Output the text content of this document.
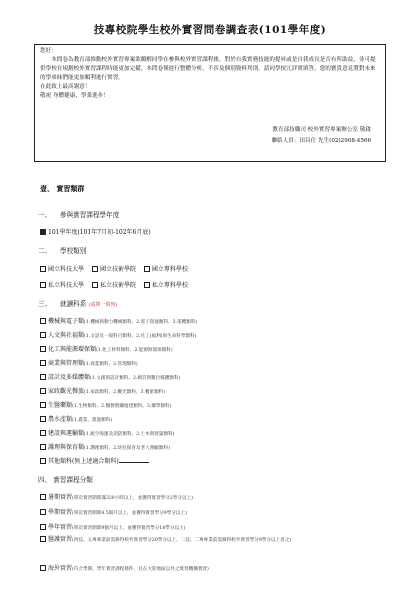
技專校院學生校外實習問卷調查表(101學年度)

您好：

本問卷為教育部推動校外實習專案欲瞭解同學在參與校外實習課程後，對於自我實務技能的提昇或是自我成長是否有所助益，並可提供學校在規劃校外實習課程時能更加完備，本問卷僅進行整體分析，不涉及個別資料判別，請同學按冗詳實填答，您的寶貴意見將對未來的學弟妹們能更加順利進行實習。

在此致上最高謝意！

敬祝 身體健康，學業進步！

教育部技職司 校外實習專案辦公室 敬啟

聯絡人員：田昌仕 先生(02)2908-4566

壹、 實習類群
一、 參與實習課程學年度
101學年度(101年7月初-102年6月底)
二、 學校類別
國立科技大學	國立技術學院	國立專科學校
私立科技大學	私立技術學院	私立專科學校
三、 就讀科系 (請擇一填列)
機械與電子類(1.機械與動力機械類科、2.電子資通類科、3.電機類科)
人文與社福類(1.文語及一般科目類科、2.社工(福利)與生命科學類科)
化工與能源環保類(1.化工材料類科、2.能源與環保類科)
商業與管理類(1.商業類科、2.管理類科)
設計及多媒體類(1.文創與設計類科、2.網頁與數位媒體類科)
家政觀光餐旅(1.家政類科、2.觀光類科、3.餐旅類科)
生醫藥類(1.生物類科、2.醫務暨藥復建類科、3.藥學類科)
農水產類(1.農業、農漁類科)
建設與運輸類(1.航空海運及消防類科、2.土木與建築類科)
護理與保育類(1.護理類科、2.幼兒保育及老人照顧類科)
其他類科(無上述適合類科)
四、 實習課程分類
暑期實習(單次實習期間滿320小時以上，並獲得實習學分2學分以上)
學期實習(單次實習期間4.5個月以上，並獲得實習學分9學分以上)
學年實習(單次實習期間9個月以上，並獲得實習學分18學分以上)
醫護實習(四技、五專專業前需修得校外實習學分20學分以上，二技、二專專業前需修得校外實習學分9學分以上者之)
海外實習(符合學期、學年實習課程條件，且在大陸地區以外之實習機構實習)
